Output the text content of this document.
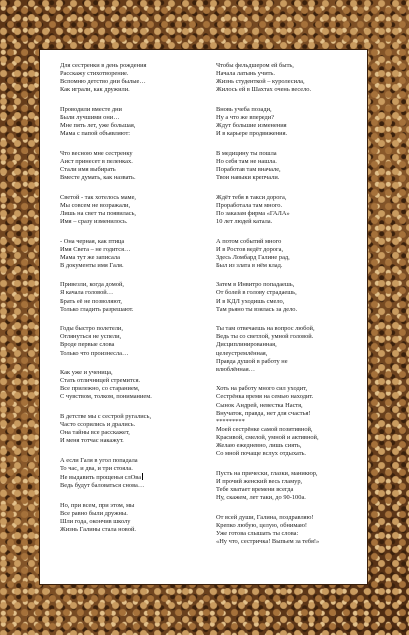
Для сестренки в день рождения
Расскажу стихотворение.
Вспомню детство дни былые…
Как играли, как дружили.
Проводили вместе дни
Были лучшими они…
Мне пять лет, уже большая,
Мама с папой объявляют:
Что весною мне сестренку
Аист принесет в пеленках.
Стали имя выбирать
Вместе думать, как назвать.
Светой - так хотелось маме,
Мы совсем не возражали,
Лишь на свет ты появилась,
Имя – сразу изменилось.
- Она черная, как птица
Имя Света – не годится…
Мама тут же записала
В документы имя Галя.
Привезли, когда домой,
Я качала головой…
Брать её не позволяют,
Только гладить разрешают.
Годы быстро полетели,
Оглянуться не успели,
Вроде первые слова
Только что произнесла…
Как уже и ученица,
Стать отличницей стремится.
Все прилежно, со старанием,
С чувством, толком, пониманием.
В детстве мы с сестрой ругались,
Часто ссорились и дрались.
Она тайны все расскажет,
И меня тотчас накажут.
А если Галя в угол попадала
То час, и два, и три стояла.
Не выдавить прощенья слОва
Ведь будут баловаться снова…
Но, при всем, при этом, мы
Все равно были дружны.
Шли года, окончив школу
Жизнь Галины стала новой.
Чтобы фельдшером ей быть,
Начала латынь учить.
Жизнь студенткой – куролесила,
Жилось ей в Шахтах очень весело.
Вновь учеба позади,
Ну а что же впереди?
Ждут большие изменения
И в карьере продвижения.
В медицину ты пошла
Но себя там не нашла.
Поработав там вначале,
Твои навыки крепчали.
Ждёт тебя в такси дорога,
Проработала там много.
По заказам фирма «ГАЛА»
10 лет людей катала.
А потом событий много
И в Ростов ведёт дорога,
Здесь Ломбард Галине рад,
Был из злата в нём клад.
Затем в Инвитро попадаешь,
От болей в голову страдаешь,
И в КДЛ уходишь смело,
Там рьяно ты взялась за дело.
Ты там отвечаешь на вопрос любой,
Ведь ты со светлой, умной головой.
Дисциплинированная,
целеустремлённая,
Правда душой в работу не
влюблённая…
Хоть на работу много сил уходит,
Сестрёнка время на семью находит.
Сынок Андрей, невестка Настя,
Внучаток, правда, нет для счастья!
*********
Моей сестрёнке самой позитивной,
Красивой, смелой, умной и активной,
Желаю ежедневно, лишь сиять,
Со мной почаще вслух отдыхать.
Пусть на прически, глазки, маникюр,
И прочий женский весь гламур,
Тебе хватает времени всегда
Ну, скажем, лет таки, до 90-100а.
От всей души, Галина, поздравляю!
Крепко любую, целую, обнимаю!
Уже готова слышать ты слова:
«Ну что, сестричка! Выпьем за тебя!»
